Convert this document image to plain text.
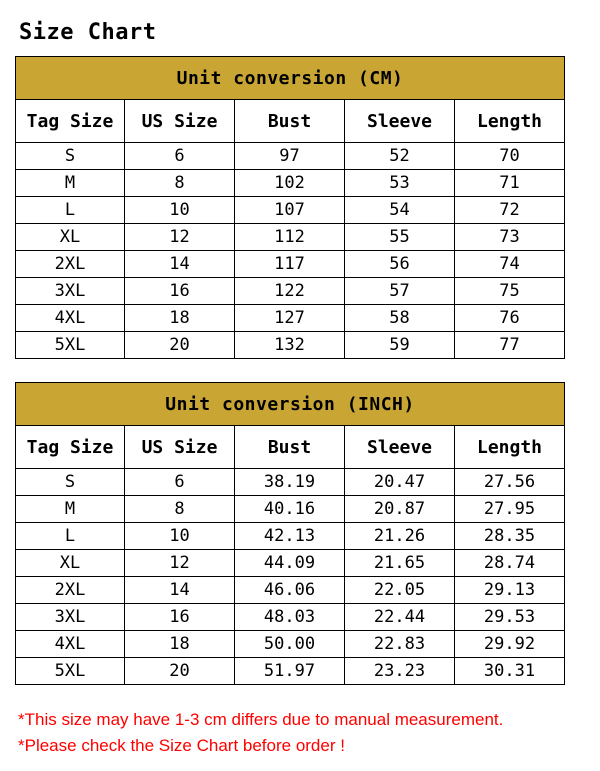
Size Chart
Unit conversion (CM)				
Tag Size	US Size	Bust	Sleeve	Length
S	6	97	52	70
M	8	102	53	71
L	10	107	54	72
XL	12	112	55	73
2XL	14	117	56	74
3XL	16	122	57	75
4XL	18	127	58	76
5XL	20	132	59	77
Unit conversion (INCH)				
Tag Size	US Size	Bust	Sleeve	Length
S	6	38.19	20.47	27.56
M	8	40.16	20.87	27.95
L	10	42.13	21.26	28.35
XL	12	44.09	21.65	28.74
2XL	14	46.06	22.05	29.13
3XL	16	48.03	22.44	29.53
4XL	18	50.00	22.83	29.92
5XL	20	51.97	23.23	30.31
*This size may have 1-3 cm differs due to manual measurement.
*Please check the Size Chart before order !
